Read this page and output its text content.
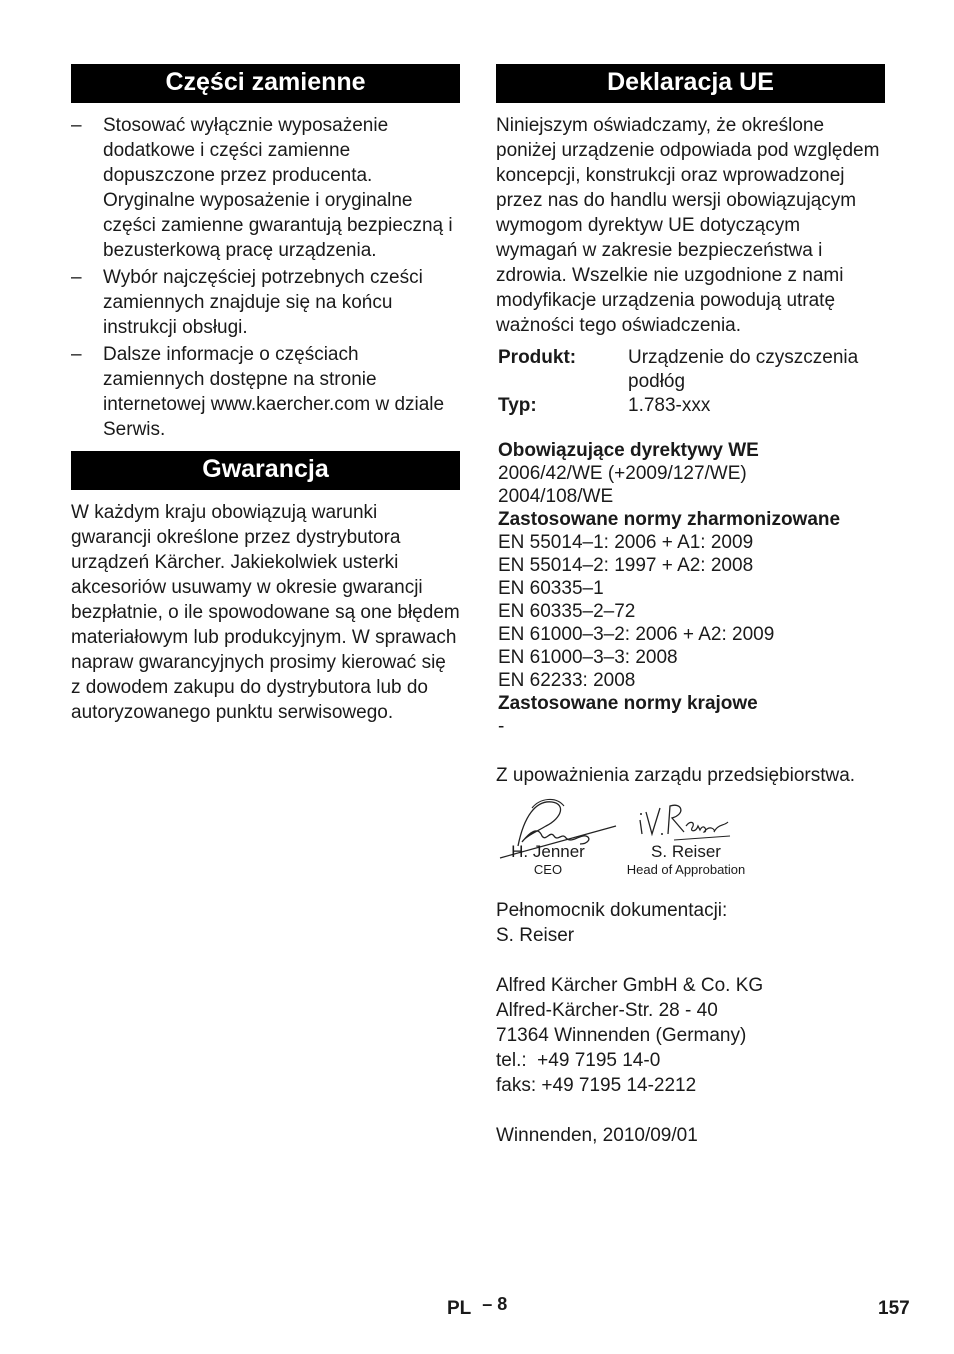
Części zamienne
–	Stosować wyłącznie wyposażenie dodatkowe i części zamienne dopuszczone przez producenta. Oryginalne wyposażenie i oryginalne części zamienne gwarantują bezpieczną i bezusterkową pracę urządzenia.
–	Wybór najczęściej potrzebnych cześci zamiennych znajduje się na końcu instrukcji obsługi.
–	Dalsze informacje o częściach zamiennych dostępne na stronie internetowej www.kaercher.com w dziale Serwis.
Gwarancja
W każdym kraju obowiązują warunki gwarancji określone przez dystrybutora urządzeń Kärcher. Jakiekolwiek usterki akcesoriów usuwamy w okresie gwarancji bezpłatnie, o ile spowodowane są one błędem materiałowym lub produkcyjnym. W sprawach napraw gwarancyjnych prosimy kierować się z dowodem zakupu do dystrybutora lub do autoryzowanego punktu serwisowego.
Deklaracja UE
Niniejszym oświadczamy, że określone poniżej urządzenie odpowiada pod względem koncepcji, konstrukcji oraz wprowadzonej przez nas do handlu wersji obowiązującym wymogom dyrektyw UE dotyczącym wymagań w zakresie bezpieczeństwa i zdrowia. Wszelkie nie uzgodnione z nami modyfikacje urządzenia powodują utratę ważności tego oświadczenia.
Produkt:	Urządzenie do czyszczenia podłóg
Typ:	1.783-xxx
Obowiązujące dyrektywy WE
2006/42/WE (+2009/127/WE)
2004/108/WE
Zastosowane normy zharmonizowane
EN 55014–1: 2006 + A1: 2009
EN 55014–2: 1997 + A2: 2008
EN 60335–1
EN 60335–2–72
EN 61000–3–2: 2006 + A2: 2009
EN 61000–3–3: 2008
EN 62233: 2008
Zastosowane normy krajowe
-
Z upoważnienia zarządu przedsiębiorstwa.
H. Jenner
CEO
S. Reiser
Head of Approbation
Pełnomocnik dokumentacji:
S. Reiser
Alfred Kärcher GmbH & Co. KG
Alfred-Kärcher-Str. 28 - 40
71364 Winnenden (Germany)
tel.:  +49 7195 14-0
faks: +49 7195 14-2212
Winnenden, 2010/09/01
PL – 8	157
